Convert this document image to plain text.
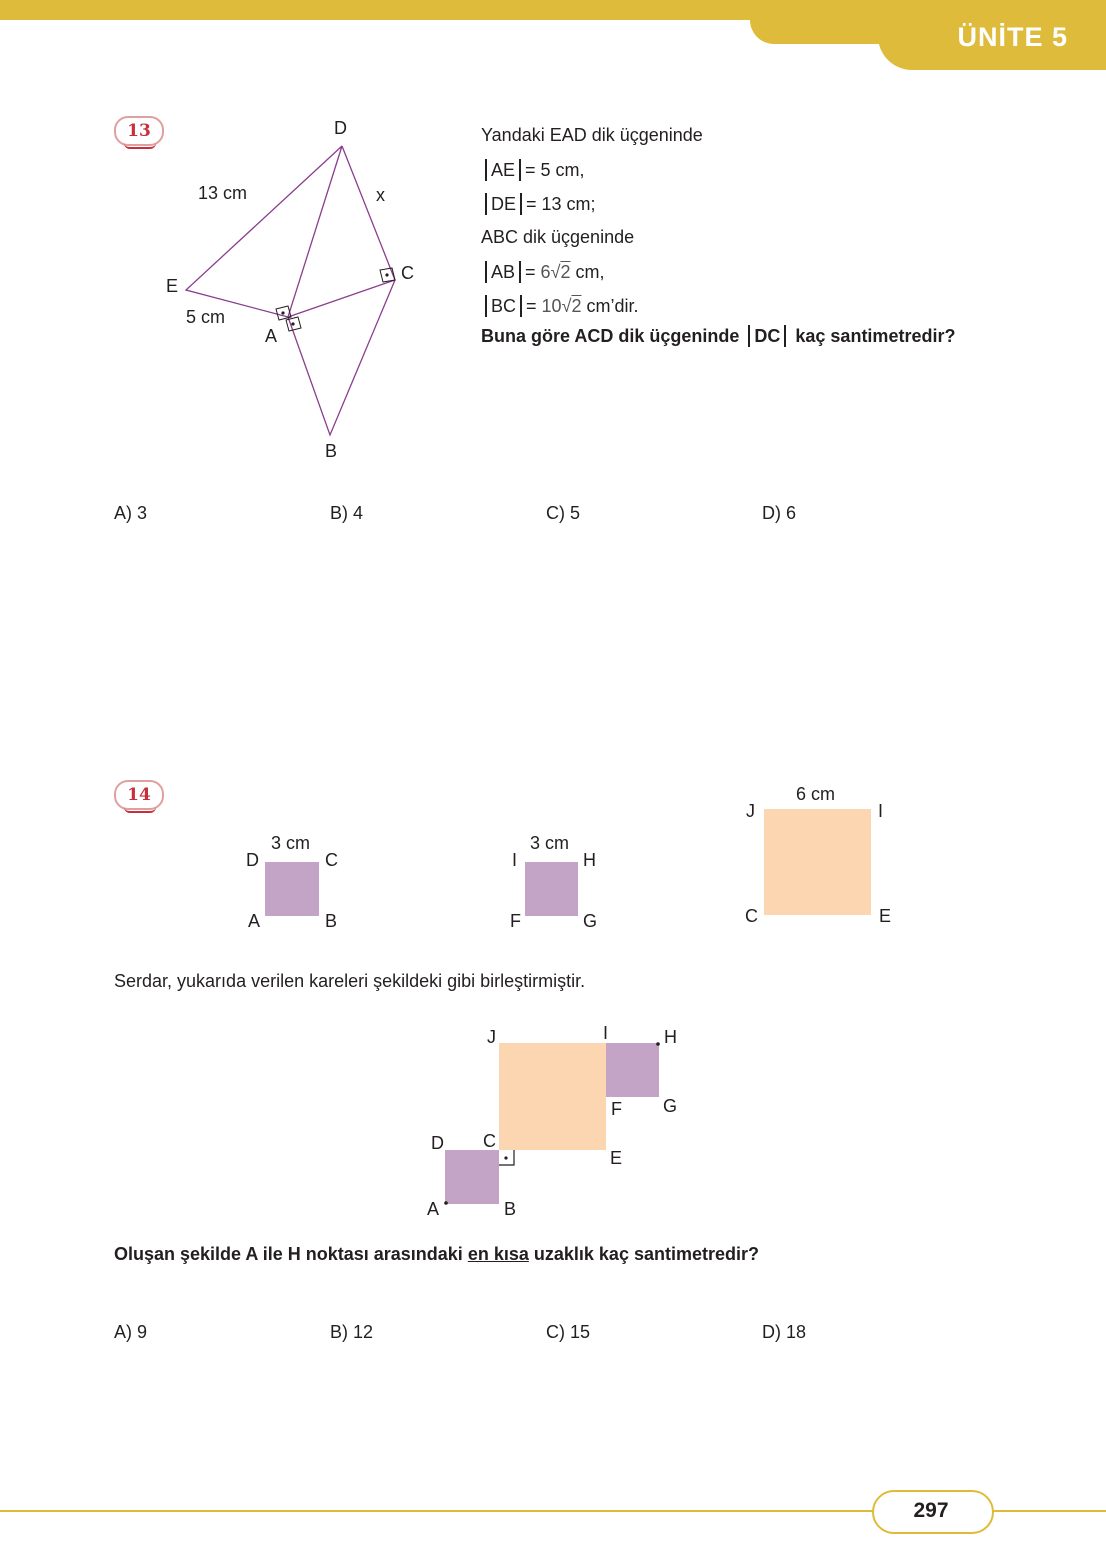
ÜNİTE 5
13	D
13 cm	x
C
E
5 cm
A
B
Yandaki EAD dik üçgeninde
AE = 5 cm,
DE = 13 cm;
ABC dik üçgeninde
AB = 6√2 cm,
BC = 10√2 cm’dir.
Buna göre ACD dik üçgeninde DC kaç santimetredir?
A) 3	B) 4	C) 5	D) 6
14
3 cm
D	C
A	B
3 cm
I	H
F	G
6 cm
J	I
C	E
Serdar, yukarıda verilen kareleri şekildeki gibi birleştirmiştir.
J	I	H
F G
D C
E
A	B
Oluşan şekilde A ile H noktası arasındaki en kısa uzaklık kaç santimetredir?
A) 9	B) 12	C) 15	D) 18
297
